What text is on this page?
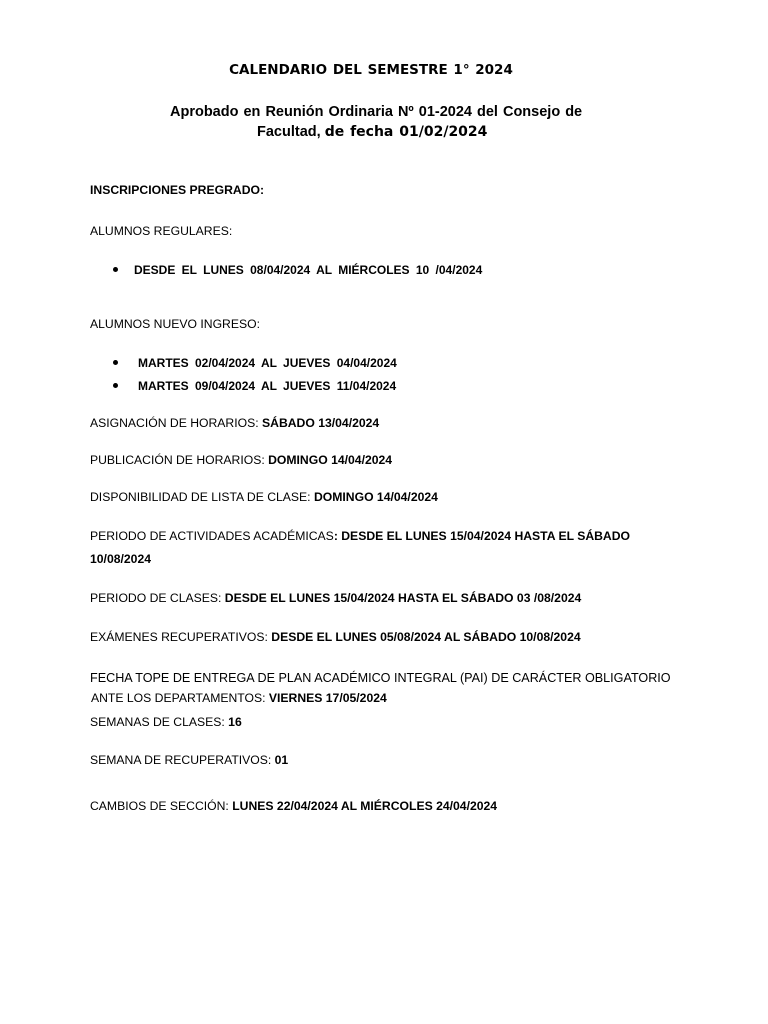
CALENDARIO DEL SEMESTRE 1° 2024
Aprobado en Reunión Ordinaria Nº 01-2024 del Consejo de
Facultad, de fecha 01/02/2024
INSCRIPCIONES PREGRADO:
ALUMNOS REGULARES:
DESDE EL LUNES 08/04/2024 AL MIÉRCOLES 10 /04/2024
ALUMNOS NUEVO INGRESO:
MARTES 02/04/2024 AL JUEVES 04/04/2024
MARTES 09/04/2024 AL JUEVES 11/04/2024
ASIGNACIÓN DE HORARIOS: SÁBADO 13/04/2024
PUBLICACIÓN DE HORARIOS: DOMINGO 14/04/2024
DISPONIBILIDAD DE LISTA DE CLASE: DOMINGO 14/04/2024
PERIODO DE ACTIVIDADES ACADÉMICAS: DESDE EL LUNES 15/04/2024 HASTA EL SÁBADO
10/08/2024
PERIODO DE CLASES: DESDE EL LUNES 15/04/2024 HASTA EL SÁBADO 03 /08/2024
EXÁMENES RECUPERATIVOS: DESDE EL LUNES 05/08/2024 AL SÁBADO 10/08/2024
FECHA TOPE DE ENTREGA DE PLAN ACADÉMICO INTEGRAL (PAI) DE CARÁCTER OBLIGATORIO
ANTE LOS DEPARTAMENTOS: VIERNES 17/05/2024
SEMANAS DE CLASES: 16
SEMANA DE RECUPERATIVOS: 01
CAMBIOS DE SECCIÓN: LUNES 22/04/2024 AL MIÉRCOLES 24/04/2024
